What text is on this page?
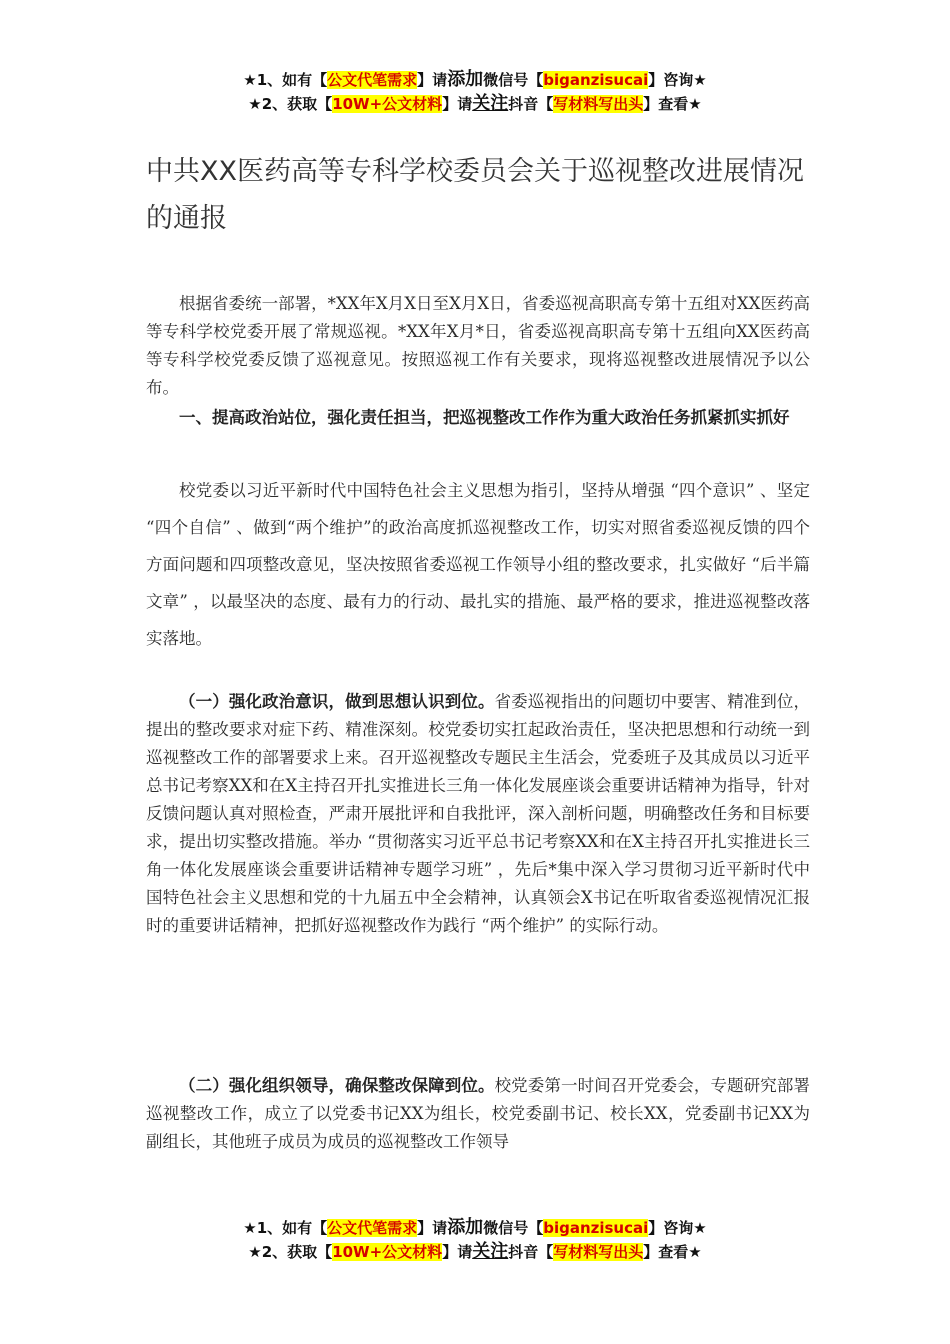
★1、如有【公文代笔需求】请添加微信号【biganzisucai】咨询★
★2、获取【10W+公文材料】请关注抖音【写材料写出头】查看★
中共XX医药高等专科学校委员会关于巡视整改进展情况的通报

根据省委统一部署，*XX年X月X日至X月X日，省委巡视高职高专第十五组对XX医药高等专科学校党委开展了常规巡视。*XX年X月*日，省委巡视高职高专第十五组向XX医药高等专科学校党委反馈了巡视意见。按照巡视工作有关要求，现将巡视整改进展情况予以公布。

一、提高政治站位，强化责任担当，把巡视整改工作作为重大政治任务抓紧抓实抓好

校党委以习近平新时代中国特色社会主义思想为指引，坚持从增强 “四个意识” 、坚定 “四个自信” 、做到“两个维护”的政治高度抓巡视整改工作，切实对照省委巡视反馈的四个方面问题和四项整改意见，坚决按照省委巡视工作领导小组的整改要求，扎实做好 “后半篇文章” ，以最坚决的态度、最有力的行动、最扎实的措施、最严格的要求，推进巡视整改落实落地。

（一）强化政治意识，做到思想认识到位。省委巡视指出的问题切中要害、精准到位，提出的整改要求对症下药、精准深刻。校党委切实扛起政治责任，坚决把思想和行动统一到巡视整改工作的部署要求上来。召开巡视整改专题民主生活会，党委班子及其成员以习近平总书记考察XX和在X主持召开扎实推进长三角一体化发展座谈会重要讲话精神为指导，针对反馈问题认真对照检查，严肃开展批评和自我批评，深入剖析问题，明确整改任务和目标要求，提出切实整改措施。举办 “贯彻落实习近平总书记考察XX和在X主持召开扎实推进长三角一体化发展座谈会重要讲话精神专题学习班” ，先后*集中深入学习贯彻习近平新时代中国特色社会主义思想和党的十九届五中全会精神，认真领会X书记在听取省委巡视情况汇报时的重要讲话精神，把抓好巡视整改作为践行 “两个维护” 的实际行动。

（二）强化组织领导，确保整改保障到位。校党委第一时间召开党委会，专题研究部署巡视整改工作，成立了以党委书记XX为组长，校党委副书记、校长XX，党委副书记XX为副组长，其他班子成员为成员的巡视整改工作领导

★1、如有【公文代笔需求】请添加微信号【biganzisucai】咨询★
★2、获取【10W+公文材料】请关注抖音【写材料写出头】查看★
